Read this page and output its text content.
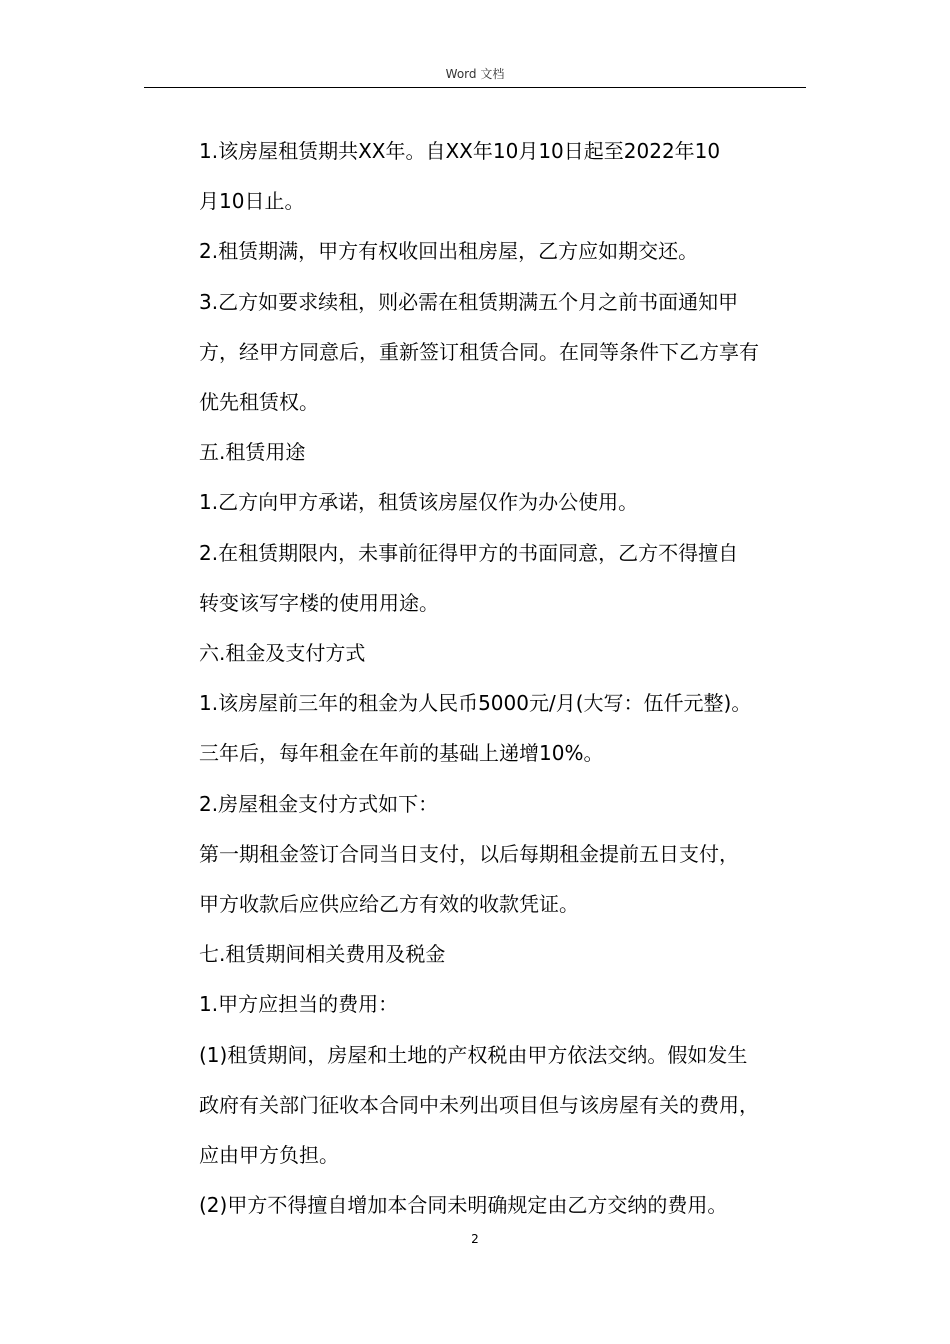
Word 文档

1.该房屋租赁期共XX年。自XX年10月10日起至2022年10
月10日止。

2.租赁期满，甲方有权收回出租房屋，乙方应如期交还。

3.乙方如要求续租，则必需在租赁期满五个月之前书面通知甲
方，经甲方同意后，重新签订租赁合同。在同等条件下乙方享有
优先租赁权。

五.租赁用途

1.乙方向甲方承诺，租赁该房屋仅作为办公使用。

2.在租赁期限内，未事前征得甲方的书面同意，乙方不得擅自
转变该写字楼的使用用途。

六.租金及支付方式

1.该房屋前三年的租金为人民币5000元/月(大写：伍仟元整)。
三年后，每年租金在年前的基础上递增10%。

2.房屋租金支付方式如下：

第一期租金签订合同当日支付，以后每期租金提前五日支付，
甲方收款后应供应给乙方有效的收款凭证。

七.租赁期间相关费用及税金

1.甲方应担当的费用：

(1)租赁期间，房屋和土地的产权税由甲方依法交纳。假如发生
政府有关部门征收本合同中未列出项目但与该房屋有关的费用，
应由甲方负担。

(2)甲方不得擅自增加本合同未明确规定由乙方交纳的费用。

2
